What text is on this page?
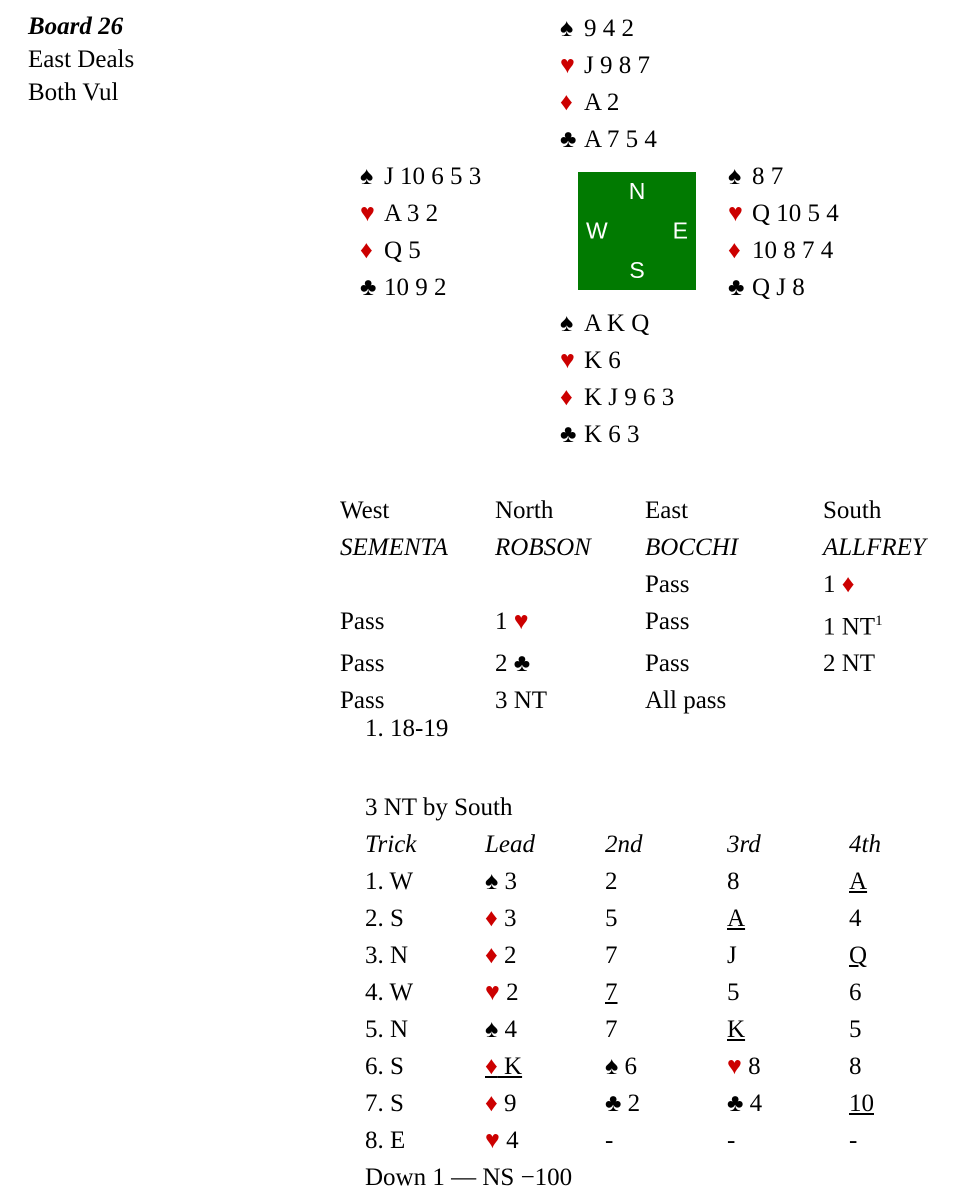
Board 26
East Deals
Both Vul
♠ 9 4 2
♥ J 9 8 7
♦ A 2
♣ A 7 5 4
♠ J 10 6 5 3
♥ A 3 2
♦ Q 5
♣ 10 9 2
♠ 8 7
♥ Q 10 5 4
♦ 10 8 7 4
♣ Q J 8
♠ A K Q
♥ K 6
♦ K J 9 6 3
♣ K 6 3
N
W	E
S
West	North	East	South
SEMENTA	ROBSON	BOCCHI	ALLFREY
		Pass	1 ♦
Pass	1 ♥	Pass	1 $NT^1$
Pass	2 ♣	Pass	2 NT
Pass	3 NT	All pass	
1. 18-19
3 NT by South
Trick	Lead	2nd	3rd	4th
1. W	♠ 3	2	8	A
2. S	♦ 3	5	A	4
3. N	♦ 2	7	J	Q
4. W	♥ 2	7	5	6
5. N	♠ 4	7	K	5
6. S	♦ K	♠ 6	♥ 8	8
7. S	♦ 9	♣ 2	♣ 4	10
8. E	♥ 4	-	-	-
Down 1 — NS −100
